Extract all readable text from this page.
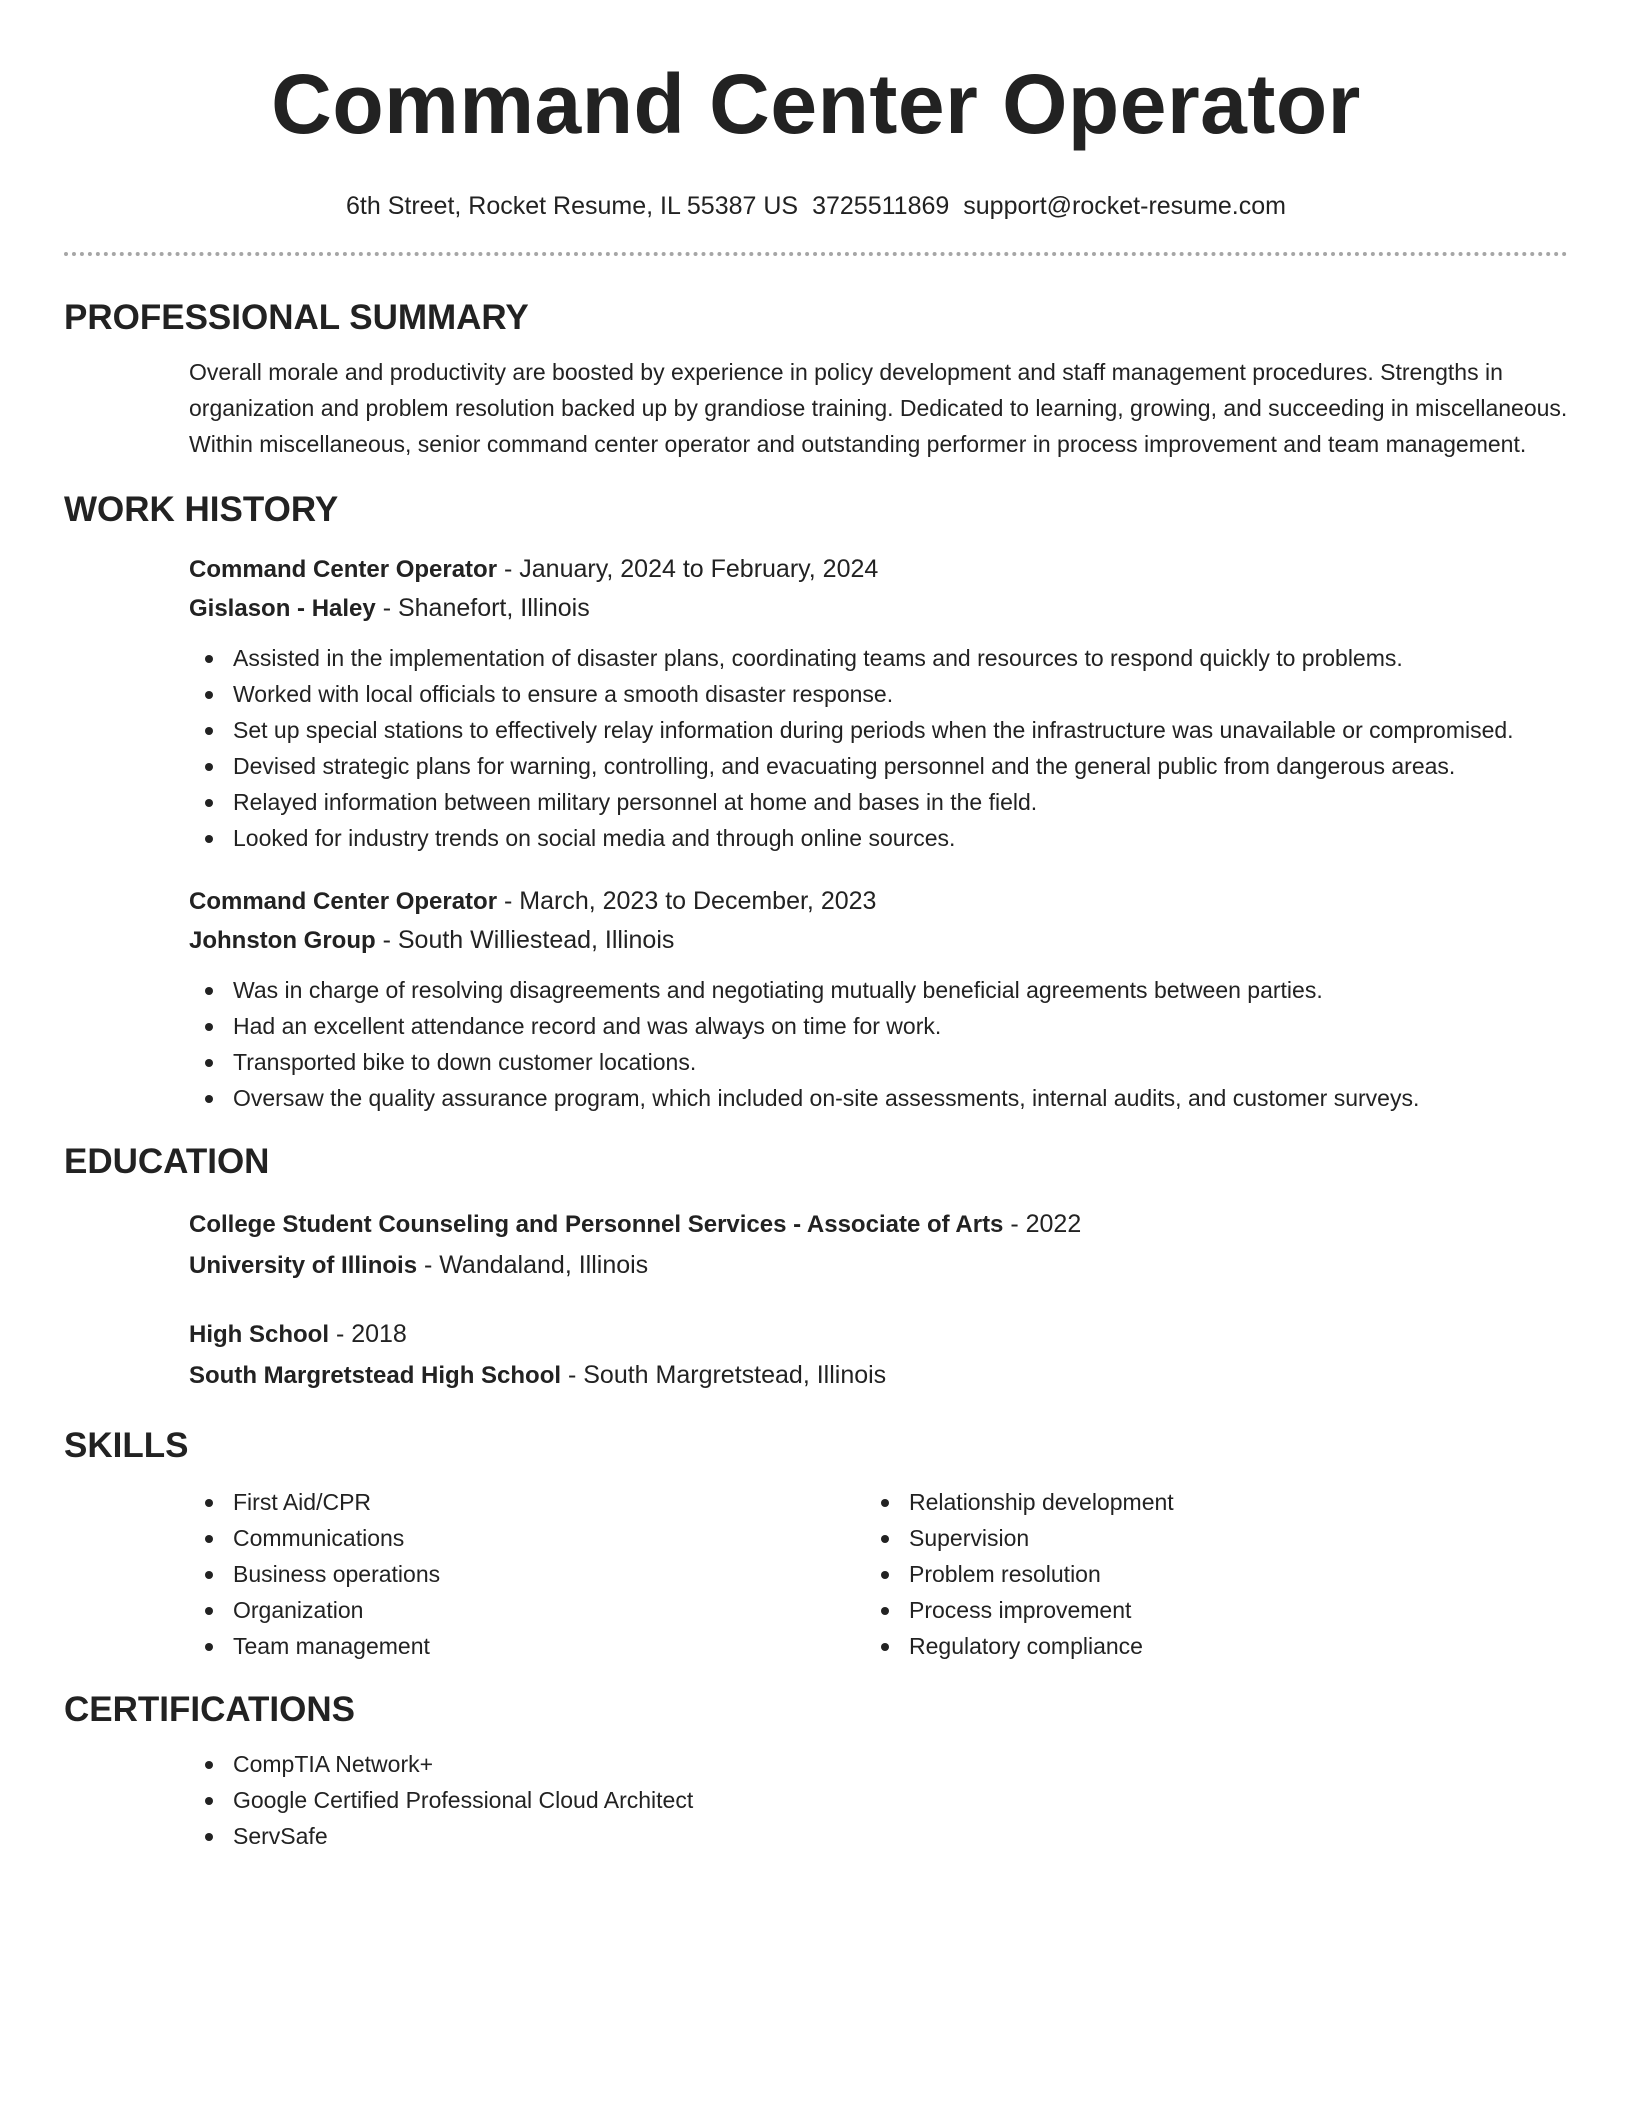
Command Center Operator
6th Street, Rocket Resume, IL 55387 US 3725511869 support@rocket-resume.com
PROFESSIONAL SUMMARY

Overall morale and productivity are boosted by experience in policy development and staff management procedures. Strengths in organization and problem resolution backed up by grandiose training. Dedicated to learning, growing, and succeeding in miscellaneous. Within miscellaneous, senior command center operator and outstanding performer in process improvement and team management.

WORK HISTORY
Command Center Operator - January, 2024 to February, 2024
Gislason - Haley - Shanefort, Illinois
Assisted in the implementation of disaster plans, coordinating teams and resources to respond quickly to problems.
Worked with local officials to ensure a smooth disaster response.
Set up special stations to effectively relay information during periods when the infrastructure was unavailable or compromised.
Devised strategic plans for warning, controlling, and evacuating personnel and the general public from dangerous areas.
Relayed information between military personnel at home and bases in the field.
Looked for industry trends on social media and through online sources.
Command Center Operator - March, 2023 to December, 2023
Johnston Group - South Williestead, Illinois
Was in charge of resolving disagreements and negotiating mutually beneficial agreements between parties.
Had an excellent attendance record and was always on time for work.
Transported bike to down customer locations.
Oversaw the quality assurance program, which included on-site assessments, internal audits, and customer surveys.
EDUCATION
College Student Counseling and Personnel Services - Associate of Arts - 2022
University of Illinois - Wandaland, Illinois
High School - 2018
South Margretstead High School - South Margretstead, Illinois
SKILLS
First Aid/CPR
Communications
Business operations
Organization
Team management
Relationship development
Supervision
Problem resolution
Process improvement
Regulatory compliance
CERTIFICATIONS
CompTIA Network+
Google Certified Professional Cloud Architect
ServSafe
